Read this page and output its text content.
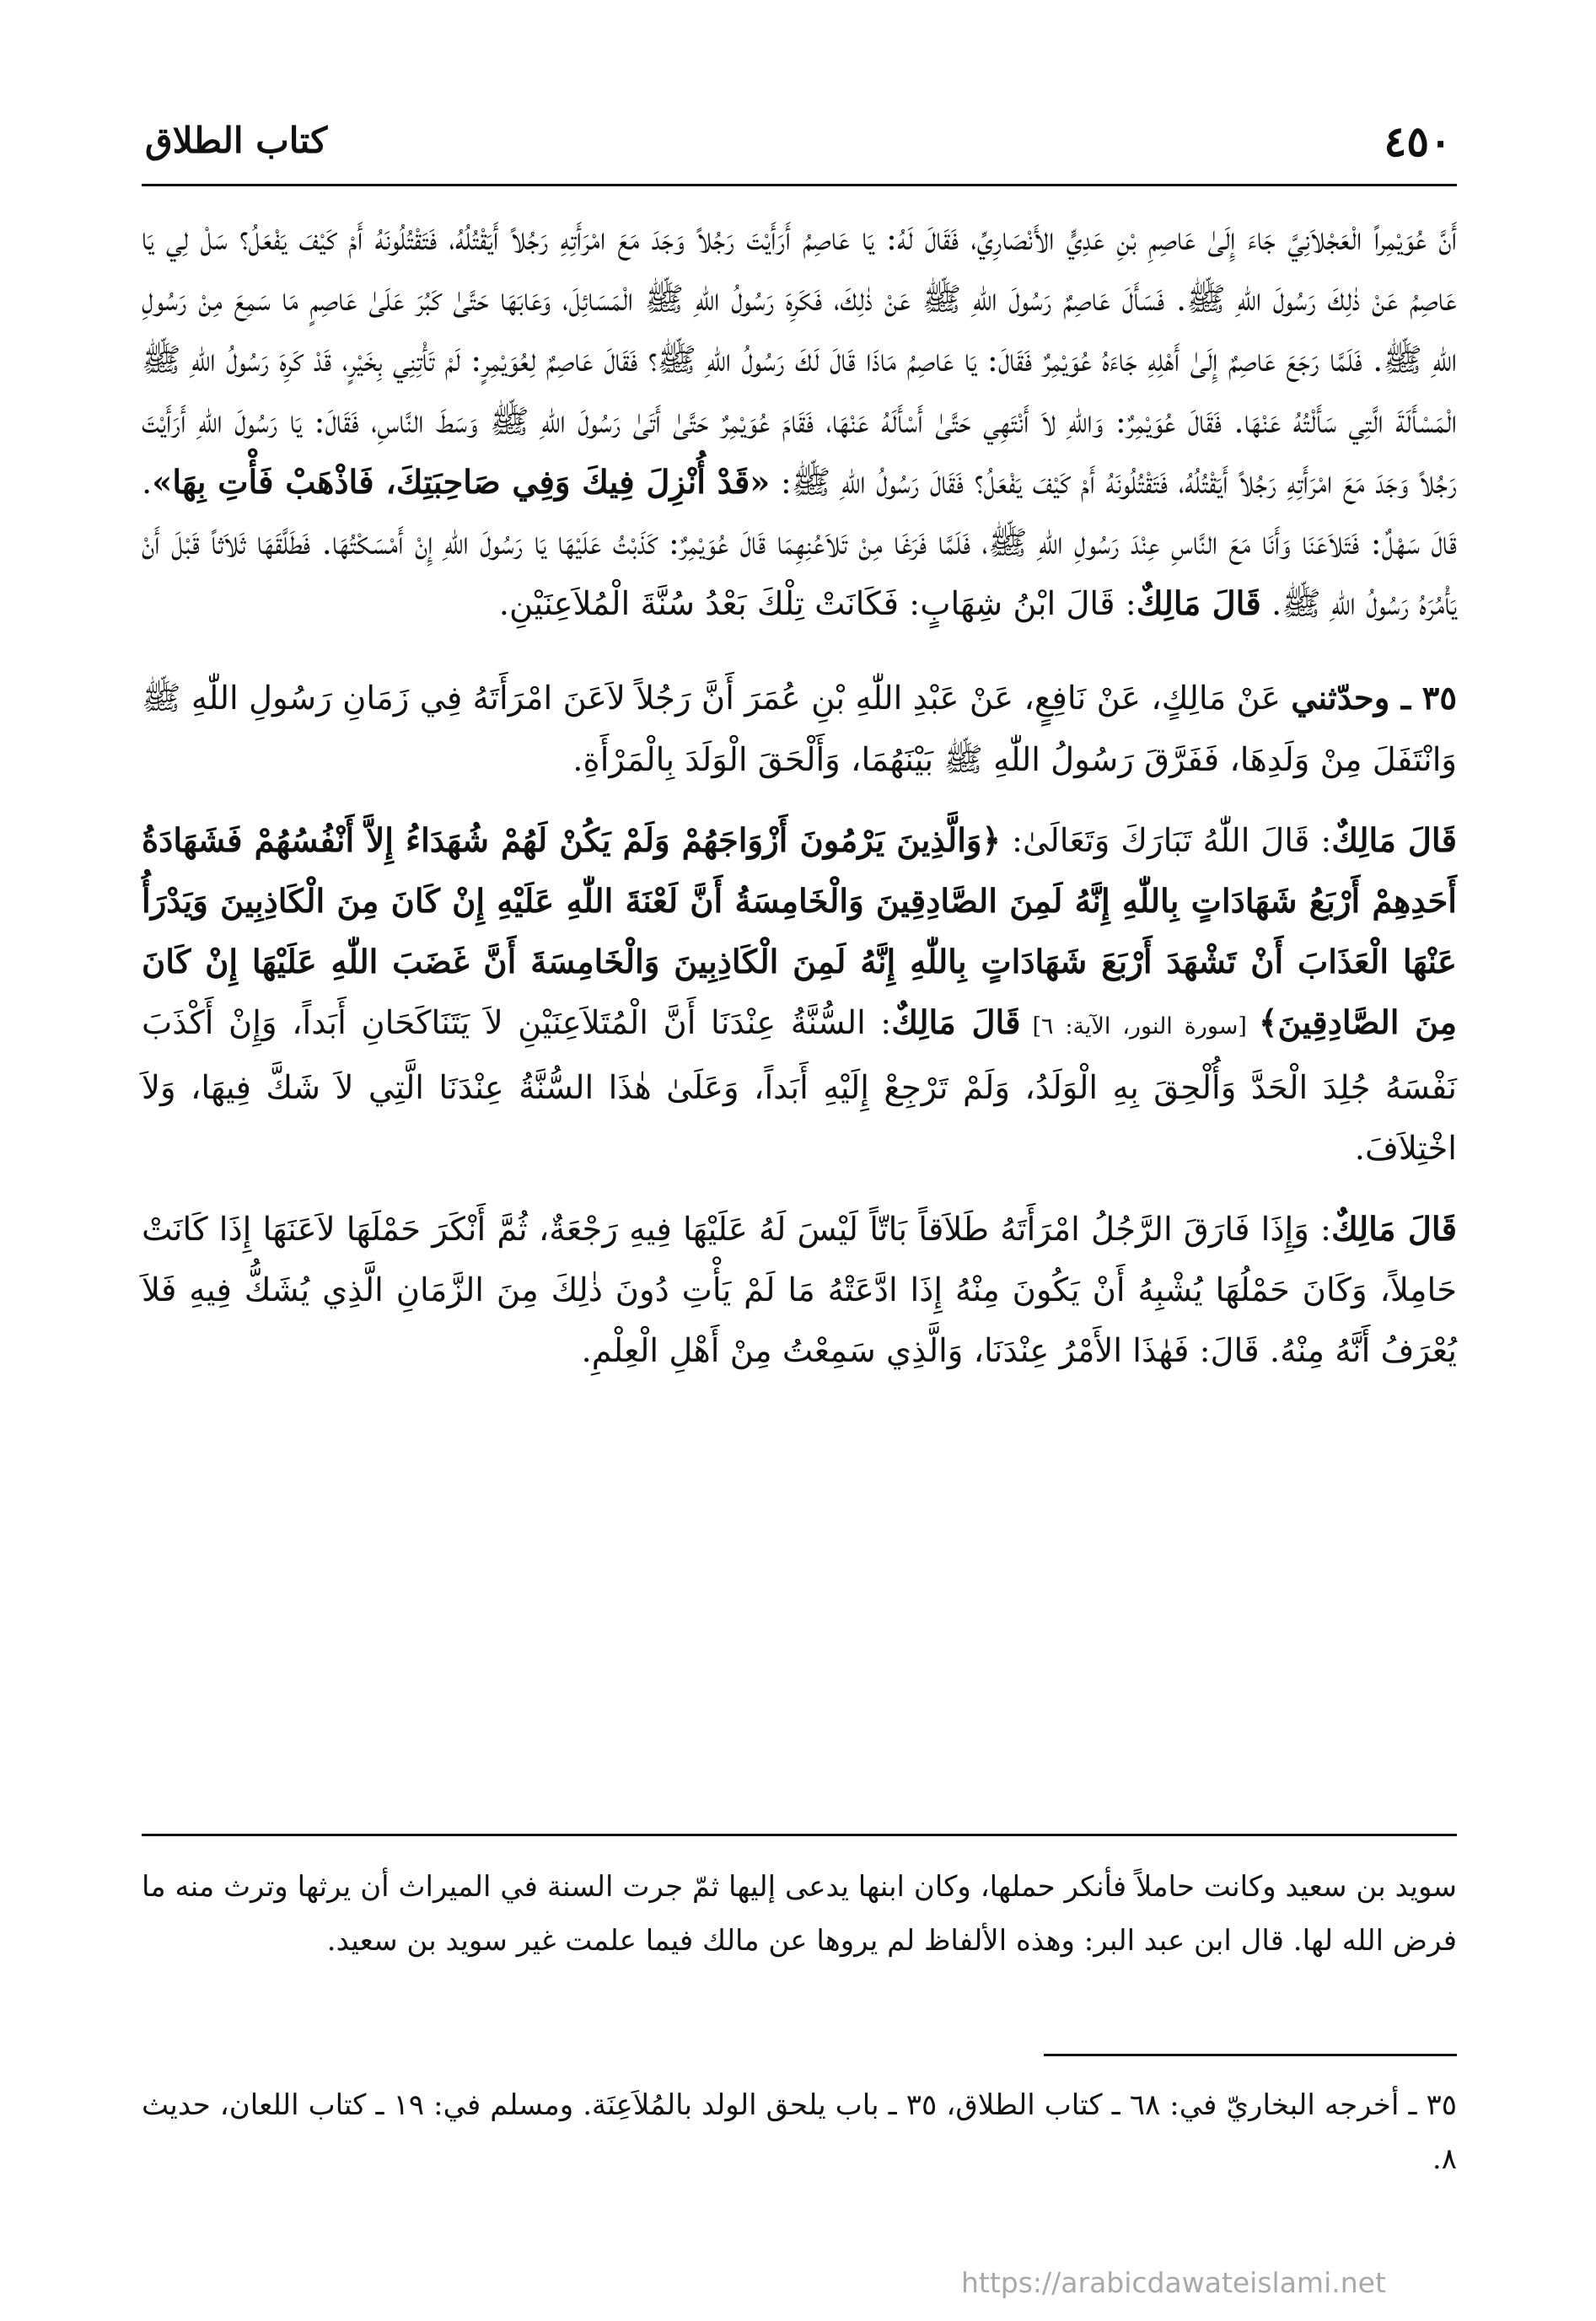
٤٥٠
كتاب الطلاق

أَنَّ عُوَيْمِراً الْعَجْلاَنِيَّ جَاءَ إِلَىٰ عَاصِمِ بْنِ عَدِيٍّ الأَنْصَارِيِّ، فَقَالَ لَهُ: يَا عَاصِمُ أَرَأَيْتَ رَجُلاً وَجَدَ مَعَ امْرَأَتِهِ رَجُلاً أَيَقْتُلُهُ، فَتَقْتُلُونَهُ أَمْ كَيْفَ يَفْعَلُ؟ سَلْ لِي يَا عَاصِمُ عَنْ ذٰلِكَ رَسُولَ اللّٰهِ ﷺ. فَسَأَلَ عَاصِمٌ رَسُولَ اللّٰهِ ﷺ عَنْ ذٰلِكَ، فَكَرِهَ رَسُولُ اللّٰهِ ﷺ الْمَسَائِلَ، وَعَابَهَا حَتَّىٰ كَبُرَ عَلَىٰ عَاصِمٍ مَا سَمِعَ مِنْ رَسُولِ اللّٰهِ ﷺ. فَلَمَّا رَجَعَ عَاصِمٌ إِلَىٰ أَهْلِهِ جَاءَهُ عُوَيْمِرٌ فَقَالَ: يَا عَاصِمُ مَاذَا قَالَ لَكَ رَسُولُ اللّٰهِ ﷺ؟ فَقَالَ عَاصِمٌ لِعُوَيْمِرٍ: لَمْ تَأْتِنِي بِخَيْرٍ، قَدْ كَرِهَ رَسُولُ اللّٰهِ ﷺ الْمَسْأَلَةَ الَّتِي سَأَلْتُهُ عَنْهَا. فَقَالَ عُوَيْمِرٌ: وَاللّٰهِ لاَ أَنْتَهِي حَتَّىٰ أَسْأَلَهُ عَنْهَا، فَقَامَ عُوَيْمِرٌ حَتَّىٰ أَتَىٰ رَسُولَ اللّٰهِ ﷺ وَسَطَ النَّاسِ، فَقَالَ: يَا رَسُولَ اللّٰهِ أَرَأَيْتَ رَجُلاً وَجَدَ مَعَ امْرَأَتِهِ رَجُلاً أَيَقْتُلُهُ، فَتَقْتُلُونَهُ أَمْ كَيْفَ يَفْعَلُ؟ فَقَالَ رَسُولُ اللّٰهِ ﷺ: «قَدْ أُنْزِلَ فِيكَ وَفِي صَاحِبَتِكَ، فَاذْهَبْ فَأْتِ بِهَا». قَالَ سَهْلٌ: فَتَلاَعَنَا وَأَنَا مَعَ النَّاسِ عِنْدَ رَسُولِ اللّٰهِ ﷺ، فَلَمَّا فَرَغَا مِنْ تَلاَعُنِهِمَا قَالَ عُوَيْمِرٌ: كَذَبْتُ عَلَيْهَا يَا رَسُولَ اللّٰهِ إِنْ أَمْسَكْتُهَا. فَطَلَّقَهَا ثَلاَثاً قَبْلَ أَنْ يَأْمُرَهُ رَسُولُ اللّٰهِ ﷺ. قَالَ مَالِكٌ: قَالَ ابْنُ شِهَابٍ: فَكَانَتْ تِلْكَ بَعْدُ سُنَّةَ الْمُلاَعِنَيْنِ.

٣٥ ـ وحدّثني عَنْ مَالِكٍ، عَنْ نَافِعٍ، عَنْ عَبْدِ اللّٰهِ بْنِ عُمَرَ أَنَّ رَجُلاً لاَعَنَ امْرَأَتَهُ فِي زَمَانِ رَسُولِ اللّٰهِ ﷺ وَانْتَفَلَ مِنْ وَلَدِهَا، فَفَرَّقَ رَسُولُ اللّٰهِ ﷺ بَيْنَهُمَا، وَأَلْحَقَ الْوَلَدَ بِالْمَرْأَةِ.

قَالَ مَالِكٌ: قَالَ اللّٰهُ تَبَارَكَ وَتَعَالَىٰ: ﴿وَالَّذِينَ يَرْمُونَ أَزْوَاجَهُمْ وَلَمْ يَكُنْ لَهُمْ شُهَدَاءُ إِلاَّ أَنْفُسُهُمْ فَشَهَادَةُ أَحَدِهِمْ أَرْبَعُ شَهَادَاتٍ بِاللّٰهِ إِنَّهُ لَمِنَ الصَّادِقِينَ وَالْخَامِسَةُ أَنَّ لَعْنَةَ اللّٰهِ عَلَيْهِ إِنْ كَانَ مِنَ الْكَاذِبِينَ وَيَدْرَأُ عَنْهَا الْعَذَابَ أَنْ تَشْهَدَ أَرْبَعَ شَهَادَاتٍ بِاللّٰهِ إِنَّهُ لَمِنَ الْكَاذِبِينَ وَالْخَامِسَةَ أَنَّ غَضَبَ اللّٰهِ عَلَيْهَا إِنْ كَانَ مِنَ الصَّادِقِينَ﴾ [سورة النور، الآية: ٦] قَالَ مَالِكٌ: السُّنَّةُ عِنْدَنَا أَنَّ الْمُتَلاَعِنَيْنِ لاَ يَتَنَاكَحَانِ أَبَداً، وَإِنْ أَكْذَبَ نَفْسَهُ جُلِدَ الْحَدَّ وَأُلْحِقَ بِهِ الْوَلَدُ، وَلَمْ تَرْجِعْ إِلَيْهِ أَبَداً، وَعَلَىٰ هٰذَا السُّنَّةُ عِنْدَنَا الَّتِي لاَ شَكَّ فِيهَا، وَلاَ اخْتِلاَفَ.

قَالَ مَالِكٌ: وَإِذَا فَارَقَ الرَّجُلُ امْرَأَتَهُ طَلاَقاً بَاتّاً لَيْسَ لَهُ عَلَيْهَا فِيهِ رَجْعَةٌ، ثُمَّ أَنْكَرَ حَمْلَهَا لاَعَنَهَا إِذَا كَانَتْ حَامِلاً، وَكَانَ حَمْلُهَا يُشْبِهُ أَنْ يَكُونَ مِنْهُ إِذَا ادَّعَتْهُ مَا لَمْ يَأْتِ دُونَ ذٰلِكَ مِنَ الزَّمَانِ الَّذِي يُشَكُّ فِيهِ فَلاَ يُعْرَفُ أَنَّهُ مِنْهُ. قَالَ: فَهٰذَا الأَمْرُ عِنْدَنَا، وَالَّذِي سَمِعْتُ مِنْ أَهْلِ الْعِلْمِ.

سويد بن سعيد وكانت حاملاً فأنكر حملها، وكان ابنها يدعى إليها ثمّ جرت السنة في الميراث أن يرثها وترث منه ما فرض الله لها. قال ابن عبد البر: وهذه الألفاظ لم يروها عن مالك فيما علمت غير سويد بن سعيد.

٣٥ ـ أخرجه البخاريّ في: ٦٨ ـ كتاب الطلاق، ٣٥ ـ باب يلحق الولد بالمُلاَعِنَة. ومسلم في: ١٩ ـ كتاب اللعان، حديث ٨.

https://arabicdawateislami.net
